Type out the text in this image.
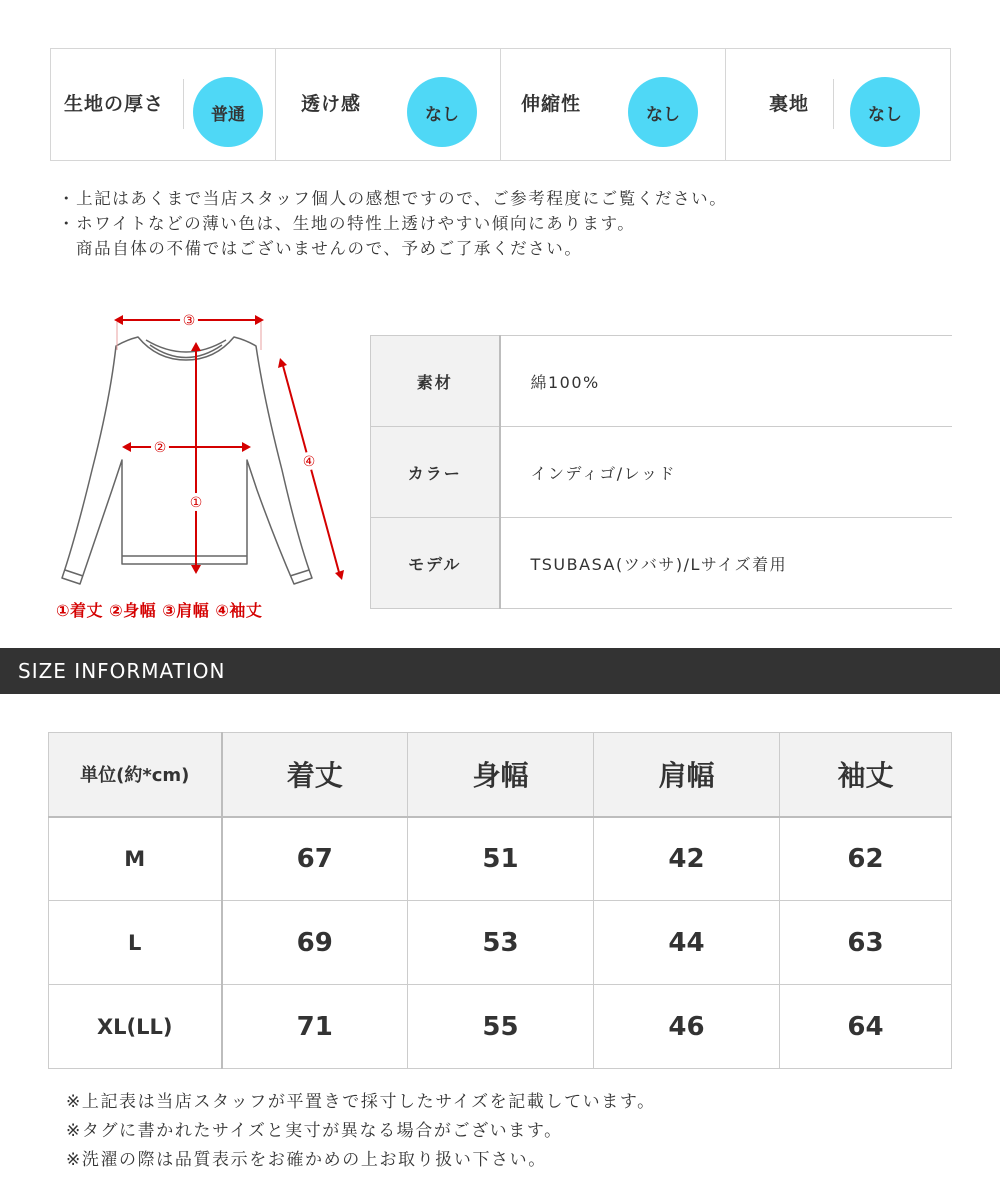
生地の厚さ	普通	透け感	なし	伸縮性	なし	裏地	なし
・上記はあくまで当店スタッフ個人の感想ですので、ご参考程度にご覧ください。
・ホワイトなどの薄い色は、生地の特性上透けやすい傾向にあります。
商品自体の不備ではございませんので、予めご了承ください。
③
②
①
④
①着丈 ②身幅 ③肩幅 ④袖丈
素材	綿100%
カラー	インディゴ/レッド
モデル	TSUBASA(ツバサ)/Lサイズ着用
SIZE INFORMATION
単位(約*cm)	着丈	身幅	肩幅	袖丈
M	67	51	42	62
L	69	53	44	63
XL(LL)	71	55	46	64
※上記表は当店スタッフが平置きで採寸したサイズを記載しています。
※タグに書かれたサイズと実寸が異なる場合がございます。
※洗濯の際は品質表示をお確かめの上お取り扱い下さい。
